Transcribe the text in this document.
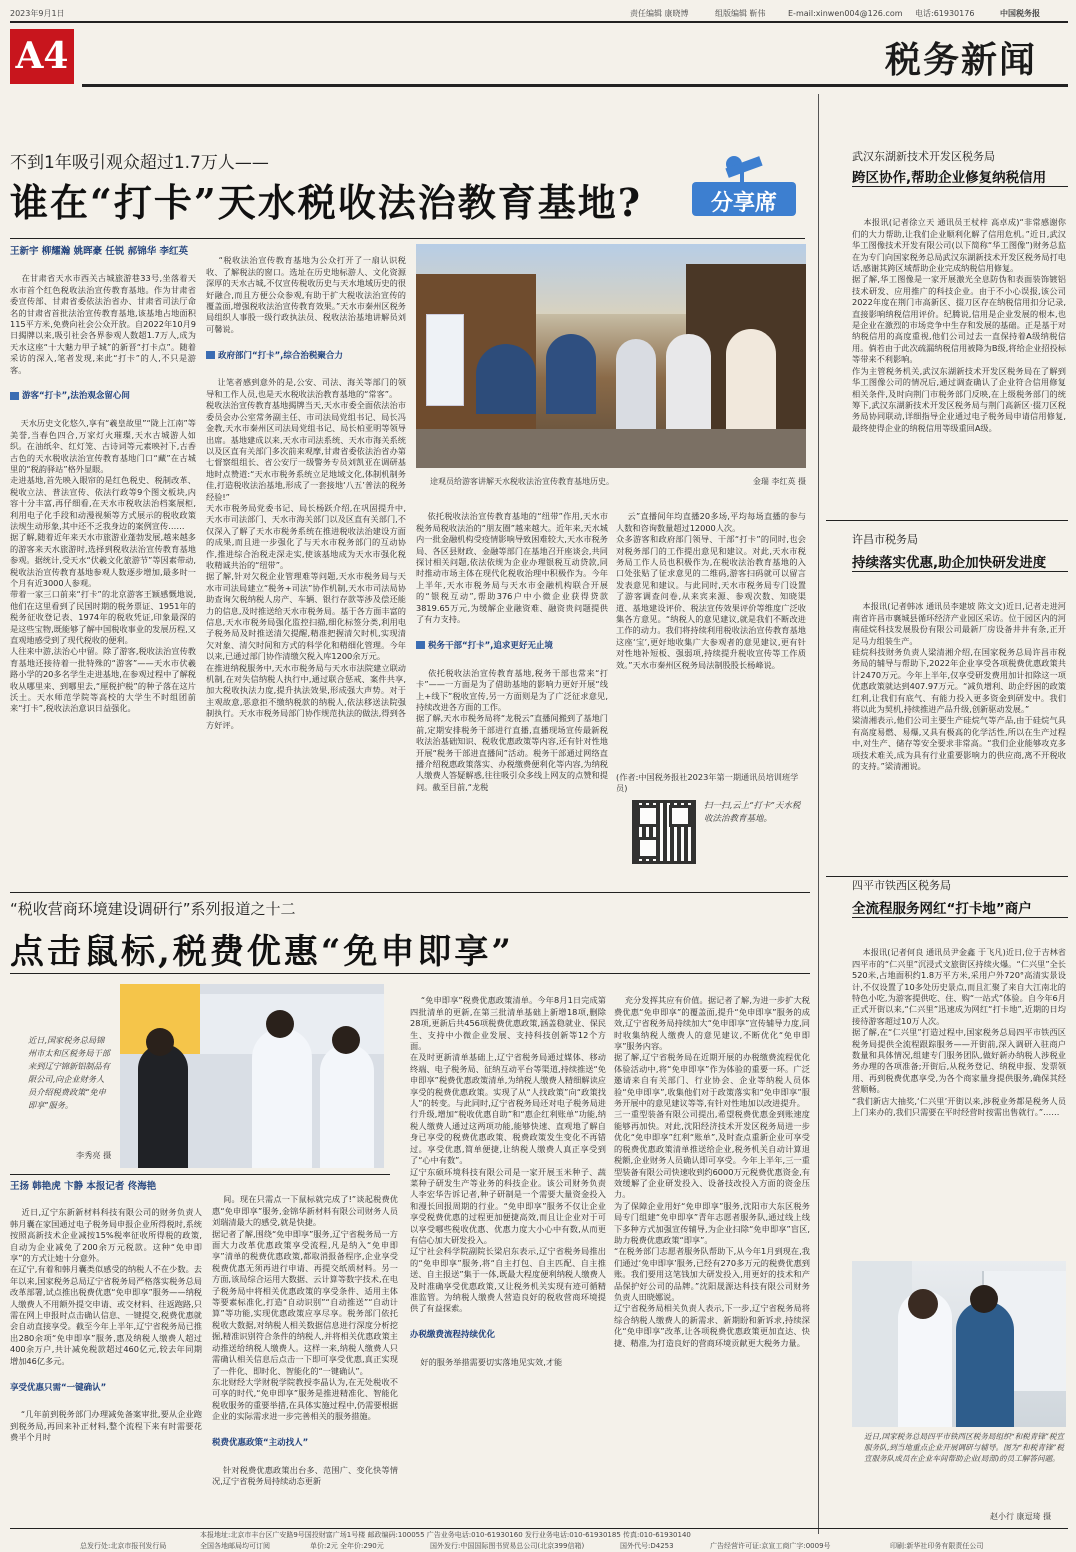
2023年9月1日	责任编辑 康晓博	组版编辑 靳伟	E-mail:xinwen004@126.com 电话:61930176	中国税务报
A4	税务新闻
不到1年吸引观众超过1.7万人——
谁在“打卡”天水税收法治教育基地?	分享席
王新宇 柳耀瀚 姚晖豪 任锐 郝锦华 李红英

在甘肃省天水市西关古城旅游巷33号,坐落着天水市首个红色税收法治宣传教育基地。作为甘肃省委宣传部、甘肃省委依法治省办、甘肃省司法厅命名的甘肃省首批法治宣传教育基地,该基地占地面积115平方米,免费向社会公众开放。自2022年10月9日揭牌以来,吸引社会各界参观人数超1.7万人,成为天水这座“十大魅力甲子城”的新晋“打卡点”。随着采访的深入,笔者发现,来此“打卡”的人,不只是游客。

游客“打卡”,法治观念留心间

天水历史文化悠久,享有“羲皇故里”“陇上江南”等美誉,当春色四合,万家灯火璀璨,天水古城游人如织。在油纸伞、红灯笼、古诗词等元素映衬下,古香古色的天水税收法治宣传教育基地门口“藏”在古城里的“税韵驿站”格外显眼。
走进基地,首先映入眼帘的是红色税史、税制改革、税收立法、普法宣传、依法行政等9个图文板块,内容十分丰富,再仔细看,在天水市税收法治档案展柜,利用电子化手段和动漫视频等方式展示的税收政策法规生动形象,其中还不乏我身边的案例宣传……
据了解,随着近年来天水市旅游业蓬勃发展,越来越多的游客来天水旅游时,选择到税收法治宣传教育基地参观。据统计,受天水“伏羲文化旅游节”等因素带动,税收法治宣传教育基地参观人数逐步增加,最多时一个月有近3000人参观。
带着一家三口前来“打卡”的北京游客王颖感慨地说,他们在这里看到了民国时期的税务票证、1951年的税务征收登记表、1974年的税收凭证,印象最深的是这些宝物,既能够了解中国税收事业的发展历程,又直观地感受到了现代税收的便利。
人往来中游,法治心中留。除了游客,税收法治宣传教育基地还接待着一批特殊的“游客”——天水市伏羲路小学的20多名学生走进基地,在参观过程中了解税收从哪里来、到哪里去,“厘税护税”的种子落在这片沃土。天水师范学院等高校的大学生不时组团前来“打卡”,税收法治意识日益强化。

“税收法治宣传教育基地为公众打开了一扇认识税收、了解税法的窗口。选址在历史地标游人、文化资源深厚的天水古城,不仅宣传税收历史与天水地域历史的很好融合,而且方便公众参观,有助于扩大税收法治宣传的覆盖面,增强税收法治宣传教育效果。”天水市秦州区税务局组织人事股一级行政执法员、税收法治基地讲解员刘可馨说。

政府部门“打卡”,综合治税聚合力

让笔者感到意外的是,公安、司法、海关等部门的领导和工作人员,也是天水税收法治教育基地的“常客”。
税收法治宣传教育基地揭牌当天,天水市委全面依法治市委员会办公室常务副主任、市司法局党组书记、局长冯金教,天水市秦州区司法局党组书记、局长柏亚明等领导出席。基地建成以来,天水市司法系统、天水市海关系统以及区直有关部门多次前来观摩,甘肃省委依法治省办第七督察组组长、省公安厅一级警务专员刘凯亚在调研基地时点赞道:“天水市税务系统立足地域文化,体制机制务佳,打造税收法治基地,形成了一套接地‘八五’普法的税务经验!”
天水市税务局党委书记、局长杨跃介绍,在巩固提升中,天水市司法部门、天水市海关部门以及区直有关部门,不仅深入了解了天水市税务系统在推进税收法治建设方面的成果,而且进一步强化了与天水市税务部门的互动协作,推进综合治税走深走实,使该基地成为天水市强化税收精诚共治的“纽带”。
据了解,针对欠税企业管理难等问题,天水市税务局与天水市司法局建立“税务+司法”协作机制,天水市司法局协助查询欠税纳税人房产、车辆、银行存款等涉及偿还能力的信息,及时推送给天水市税务局。基于各方面丰富的信息,天水市税务局强化监控扫描,细化标签分类,利用电子税务局及时推送清欠提醒,精准把握清欠时机,实现清欠对象、清欠时间和方式的科学化和精细化管理。今年以来,已通过部门协作清缴欠税入库1200余万元。
在推进纳税服务中,天水市税务局与天水市法院建立联动机制,在对失信纳税人执行中,通过联合惩戒、案件共享,加大税收执法力度,提升执法效果,形成强大声势。对于主观故意,恶意拒不缴纳税款的纳税人,依法移送法院强制执行。天水市税务局部门协作规范执法的做法,得到各方好评。

途观员给游客讲解天水税收法治宣传教育基地历史。	金瑞 李红英 摄

依托税收法治宣传教育基地的“纽带”作用,天水市税务局税收法治的“朋友圈”越来越大。近年来,天水城内一批金融机构受疫情影响导致困难较大,天水市税务局、各区县财政、金融等部门在基地召开座谈会,共同探讨相关问题,依法依规为企业办理银税互动贷款,同时推动市场主体在现代化税收治理中积极作为。今年上半年,天水市税务局与天水市金融机构联合开展的“银税互动”,帮助376户中小微企业获得贷款3819.65万元,为缓解企业融资难、融资贵问题提供了有力支持。

税务干部“打卡”,追求更好无止境

依托税收法治宣传教育基地,税务干部也常来“打卡”——一方面是为了借助基地的影响力更好开展“线上+线下”税收宣传,另一方面则是为了广泛征求意见,持续改进各方面的工作。
据了解,天水市税务局将“龙税云”直播间搬到了基地门前,定期安排税务干部进行直播,直播现场宣传最新税收法治基础知识、税收优惠政策等内容,还有针对性地开展“税务干部进直播间”活动。税务干部通过网络直播介绍税惠政策落实、办税缴费便利化等内容,为纳税人缴费人答疑解惑,往往吸引众多线上网友的点赞和提问。截至目前,“龙税

云”直播间年均直播20多场,平均每场直播的参与人数和咨询数量超过12000人次。
众多游客和政府部门领导、干部“打卡”的同时,也会对税务部门的工作提出意见和建议。对此,天水市税务局工作人员也积极作为,在税收法治教育基地的入口处张贴了征求意见的二维码,游客扫码就可以留言发表意见和建议。与此同时,天水市税务局专门设置了游客调查问卷,从来宾来源、参观次数、知晓渠道、基地建设评价、税法宣传效果评价等维度广泛收集各方意见。“纳税人的意见建议,就是我们不断改进工作的动力。我们将持续利用税收法治宣传教育基地这座‘宝’,更好地收集广大参观者的意见建议,更有针对性地补短板、强弱项,持续提升税收宣传等工作质效。”天水市秦州区税务局法制股股长杨峰说。

(作者:中国税务报社2023年第一期通讯员培训班学员)
扫一扫,云上“打卡”天水税收法治教育基地。
武汉东湖新技术开发区税务局
跨区协作,帮助企业修复纳税信用

本报讯(记者徐立天 通讯员王杖梓 高卓成)“非常感谢你们的大力帮助,让我们企业顺利化解了信用危机。”近日,武汉华工图像技术开发有限公司(以下简称“华工图像”)财务总监在为专门向国家税务总局武汉东湖新技术开发区税务局打电话,感谢其跨区域帮助企业完成纳税信用修复。
据了解,华工图像是一家开展激光全息防伪和表面装饰镀铝技术研发、应用推广的科技企业。由于不小心误报,该公司2022年度在荆门市高新区、掇刀区存在纳税信用扣分记录,直接影响纳税信用评价。纪腾说,信用是企业发展的根本,也是企业在激烈的市场竞争中生存和发展的基础。正是基于对纳税信用的高度重视,他们公司过去一直保持着A级纳税信用。倘若由于此次疏漏纳税信用被降为B级,将给企业招投标等带来不利影响。
作为主管税务机关,武汉东湖新技术开发区税务局在了解到华工图像公司的情况后,通过调查确认了企业符合信用修复相关条件,及时向荆门市税务部门反映,在上级税务部门的统筹下,武汉东湖新技术开发区税务局与荆门高新区·掇刀区税务局协同联动,详细指导企业通过电子税务局申请信用修复,最终使得企业的纳税信用等级重回A级。

许昌市税务局
持续落实优惠,助企加快研发进度

本报讯(记者韩冰 通讯员李建坡 陈文文)近日,记者走进河南省许昌市襄城县循环经济产业园区采访。位于园区内的河南硅烷科技发展股份有限公司最新厂房设备井井有条,正开足马力组装生产。
硅烷科技财务负责人梁清湘介绍,在国家税务总局许昌市税务局的辅导与帮助下,2022年企业享受各项税费优惠政策共计2470万元。今年上半年,仅享受研发费用加计扣除这一项优惠政策就达到407.97万元。“减负增利、助企纾困的政策红利,让我们有底气、有能力投入更多资金到研发中。我们将以此为契机,持续推进产品升级,创新驱动发展。”
梁清湘表示,他们公司主要生产硅烷气等产品,由于硅烷气具有高度易燃、易爆,又具有极高的化学活性,所以在生产过程中,对生产、储存等安全要求非常高。“我们企业能够攻克多项技术难关,成为具有行业重要影响力的供应商,离不开税收的支持。”梁清湘说。

四平市铁西区税务局
全流程服务网红“打卡地”商户

本报讯(记者何良 通讯员尹金鑫 于飞凡)近日,位于吉林省四平市的“仁兴里”沉浸式文旅街区持续火爆。“仁兴里”全长520米,占地面积约1.8万平方米,采用户外720°高清实景设计,不仅设置了10多处历史景点,而且汇聚了来自大江南北的特色小吃,为游客提供吃、住、购“一站式”体验。自今年6月正式开街以来,“仁兴里”迅速成为网红“打卡地”,近期的日均接待游客超过10万人次。
据了解,在“仁兴里”打造过程中,国家税务总局四平市铁西区税务局提供全流程跟踪服务——开街前,深入调研入驻商户数量和具体情况,组建专门服务团队,做好新办纳税人涉税业务办理的各项准备;开街后,从税务登记、纳税申报、发票领用、再到税费优惠享受,为各个商家量身提供服务,确保其经营顺畅。
“我们新店大抽奖,‘仁兴里’开街以来,涉税业务都是税务人员上门来办的,我们只需要在平时经营时按需出售就行。”……

近日,国家税务总局四平市铁西区税务局组织“和税青锋”税宣服务队,到当地重点企业开展调研与辅导。图为“和税青锋”税宣服务队成员在企业车间帮助企业(局部)的员工解答问题。
赵小行 康逗琦 摄
“税收营商环境建设调研行”系列报道之十二
点击鼠标,税费优惠“免申即享”
近日,国家税务总局锦州市太和区税务局干部来到辽宁锦新铝制品有限公司,向企业财务人员介绍税费政策“免申即享”服务。
李秀亮 摄
王扬 韩艳虎 卞静 本报记者 佟海艳

近日,辽宁东新新材料科技有限公司的财务负责人韩月囊在家国通过电子税务局申报企业所得税时,系统按照高新技术企业减按15%税率征收所得税的政策,自动为企业减免了200余万元税款。这种“免申即享”的方式让她十分意外。
在辽宁,有着和韩月囊类似感受的纳税人不在少数。去年以来,国家税务总局辽宁省税务局严格落实税务总局改革部署,试点推出税费优惠“免申即享”服务——纳税人缴费人不用额外提交申请、或交材料、往返跑路,只需在网上申报时点击确认信息、一键提交,税费优惠就会自动直接享受。截至今年上半年,辽宁省税务局已推出280余项“免申即享”服务,惠及纳税人缴费人超过400余万户,共计减免税款超过460亿元,较去年同期增加46亿多元。

享受优惠只需“一键确认”

“几年前到税务部门办理减免备案审批,要从企业跑到税务局,再回来补正材料,整个流程下来有时需要花费半个月时

间。现在只需点一下鼠标就完成了!”谈起税费优惠“免申即享”服务,金锦华新材料有限公司财务人员刘瑞清最大的感受,就是快捷。
据记者了解,围绕“免申即享”服务,辽宁省税务局一方面大力改革优惠政策享受流程,凡是纳入“免申即享”清单的税费优惠政策,都取消报备程序,企业享受税费优惠无须再进行申请、再提交纸质材料。另一方面,该局综合运用大数据、云计算等数字技术,在电子税务局中将相关优惠政策的享受条件、适用主体等要素标准化,打造“自动识别”“自动推送”“自动计算”等功能,实现优惠政策应享尽享。税务部门依托税收大数据,对纳税人相关数据信息进行深度分析挖掘,精准识别符合条件的纳税人,并将相关优惠政策主动推送给纳税人缴费人。这样一来,纳税人缴费人只需确认相关信息后点击一下即可享受优惠,真正实现了一件化、即时化、智能化的“一键确认”。
东北财经大学财税学院教授李晶认为,在无处税收不可享的时代,“免申即享”服务是推进精准化、智能化税收服务的重要举措,在具体实施过程中,仍需要根据企业的实际需求进一步完善相关的服务措施。

税费优惠政策“主动找人”

针对税费优惠政策出台多、范围广、变化快等情况,辽宁省税务局持续动态更新

“免申即享”税费优惠政策清单。今年8月1日完成第四批清单的更新,在第三批清单基础上新增18项,删除28项,更新后共456项税费优惠政策,涵盖稳就业、保民生、支持中小微企业发展、支持科技创新等12个方面。
在及时更新清单基础上,辽宁省税务局通过媒体、移动终端、电子税务局、征纳互动平台等渠道,持续推送“免申即享”税费优惠政策清单,为纳税人缴费人精细解读应享受的税费优惠政策。实现了从“人找政策”向“政策找人”的转变。与此同时,辽宁省税务局还对电子税务局进行升级,增加“税收优惠自助”和“惠企红利账单”功能,纳税人缴费人通过这两项功能,能够快速、直观地了解自身已享受的税费优惠政策、税费政策发生变化不再错过。享受优惠,简单便捷,让纳税人缴费人真正享受到了“心中有数”。
辽宁东硕环境科技有限公司是一家开展玉米种子、蔬菜种子研发生产等业务的科技企业。该公司财务负责人李宏华告诉记者,种子研制是一个需要大量资金投入和漫长回报周期的行业。“免申即享”服务不仅让企业享受税费优惠的过程更加便捷高效,而且让企业对于可以享受哪些税收优惠、优惠力度大小心中有数,从而更有信心加大研发投入。
辽宁社会科学院副院长梁启东表示,辽宁省税务局推出的“免申即享”服务,将“自主打包、自主匹配、自主推送、自主报送”集于一体,既最大程度便利纳税人缴费人及时准确享受优惠政策,又让税务机关实现有迹可循精准监管。为纳税人缴费人营造良好的税收营商环境提供了有益探索。

办税缴费流程持续优化

好的服务举措需要切实落地见实效,才能

充分发挥其应有价值。据记者了解,为进一步扩大税费优惠“免申即享”的覆盖面,提升“免申即享”服务的成效,辽宁省税务局持续加大“免申即享”宣传辅导力度,同时收集纳税人缴费人的意见建议,不断优化“免申即享”服务内容。
据了解,辽宁省税务局在近期开展的办税缴费流程优化体验活动中,将“免申即享”作为体验的重要一环。广泛邀请来自有关部门、行业协会、企业等纳税人员体验“免申即享”,收集他们对于政策落实和“免申即享”服务开展中的意见建议等等,有针对性地加以改进提升。
三一重型装备有限公司提出,希望税费优惠金到账速度能够再加快。对此,沈阳经济技术开发区税务局进一步优化“免申即享”红利“账单”,及时查点重新企业可享受的税费优惠政策清单推送给企业,税务机关自动计算退税额,企业财务人员确认即可享受。今年上半年,三一重型装备有限公司快速收到约6000万元税费优惠资金,有效缓解了企业研发投入、设备技改投入方面的资金压力。
为了保障企业用好“免申即享”服务,沈阳市大东区税务局专门组建“免申即享”青年志愿者服务队,通过线上线下多种方式加强宣传辅导,为企业扫除“免申即享”盲区,助力税费优惠政策“即享”。
“在税务部门志愿者服务队帮助下,从今年1月到现在,我们通过‘免申即享’服务,已经有270多万元的税费优惠到账。我们要用这笔钱加大研发投入,用更好的技术和产品保护好公司的品牌。”沈阳晟源达科技有限公司财务负责人田晓娜说。
辽宁省税务局相关负责人表示,下一步,辽宁省税务局将综合纳税人缴费人的新需求、新期盼和新诉求,持续深化“免申即享”改革,让各项税费优惠政策更加直达、快捷、精准,为打造良好的营商环境贡献更大税务力量。

本报地址:北京市丰台区广安路9号国投财富广场1号楼 邮政编码:100055 广告业务电话:010-61930160 发行业务电话:010-61930185 传真:010-61930140
总发行处:北京市报刊发行局	全国各地邮局均可订阅	单价:2元 全年价:290元	国外发行:中国国际图书贸易总公司(北京399信箱)	国外代号:D4253	广告经营许可证:京宣工商广字:0009号	印刷:新华社印务有限责任公司
